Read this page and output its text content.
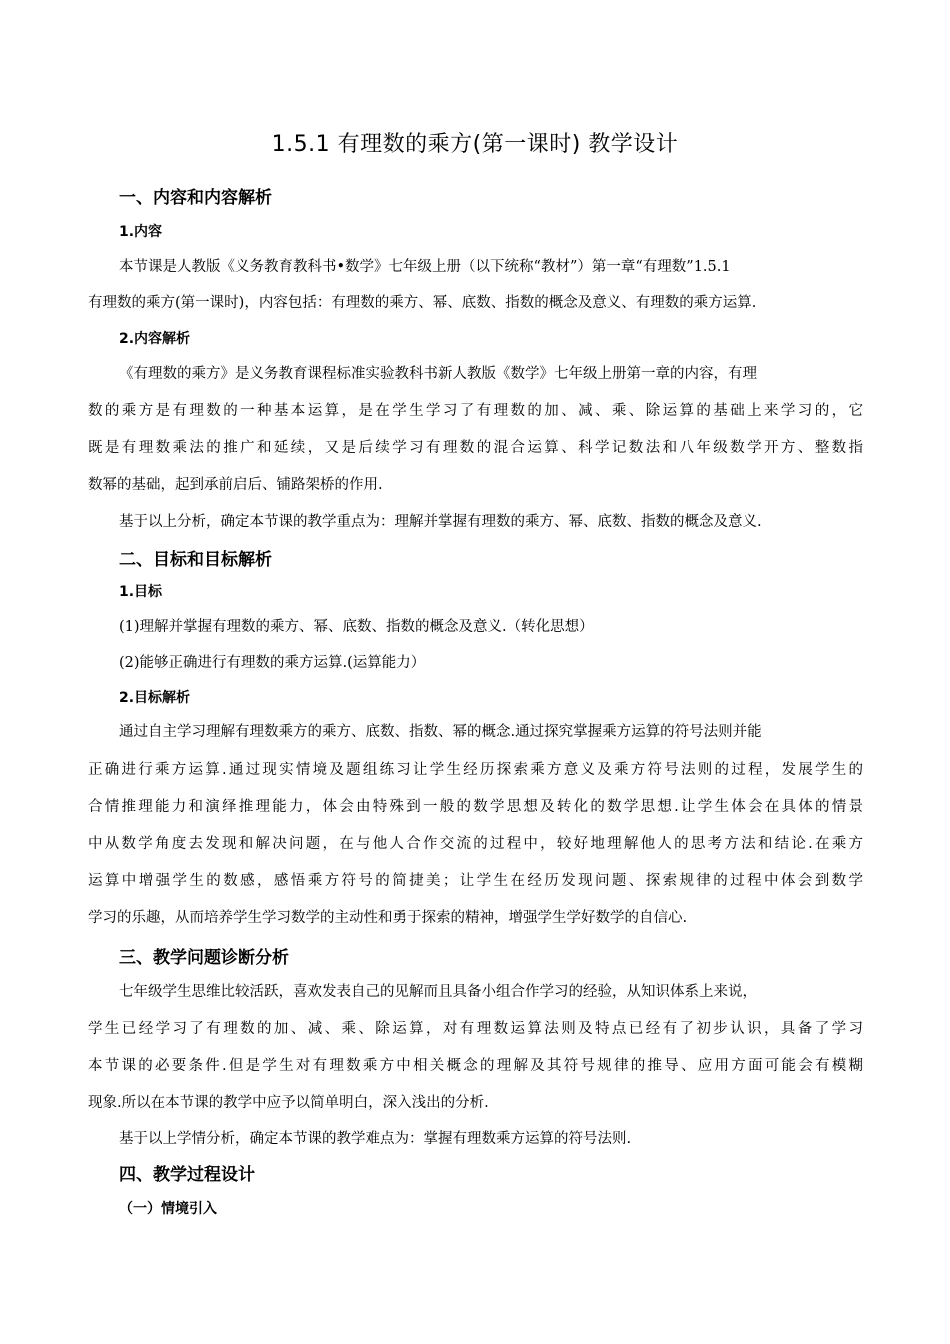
1.5.1 有理数的乘方(第一课时) 教学设计
一、内容和内容解析
1.内容
本节课是人教版《义务教育教科书•数学》七年级上册（以下统称“教材”）第一章“有理数”1.5.1
有理数的乘方(第一课时)，内容包括：有理数的乘方、幂、底数、指数的概念及意义、有理数的乘方运算.
2.内容解析
《有理数的乘方》是义务教育课程标准实验教科书新人教版《数学》七年级上册第一章的内容，有理
数的乘方是有理数的一种基本运算，是在学生学习了有理数的加、减、乘、除运算的基础上来学习的，它
既是有理数乘法的推广和延续，又是后续学习有理数的混合运算、科学记数法和八年级数学开方、整数指
数幂的基础，起到承前启后、铺路架桥的作用.
基于以上分析，确定本节课的教学重点为：理解并掌握有理数的乘方、幂、底数、指数的概念及意义.
二、目标和目标解析
1.目标
(1)理解并掌握有理数的乘方、幂、底数、指数的概念及意义.（转化思想）
(2)能够正确进行有理数的乘方运算.(运算能力）
2.目标解析
通过自主学习理解有理数乘方的乘方、底数、指数、幂的概念.通过探究掌握乘方运算的符号法则并能
正确进行乘方运算.通过现实情境及题组练习让学生经历探索乘方意义及乘方符号法则的过程，发展学生的
合情推理能力和演绎推理能力，体会由特殊到一般的数学思想及转化的数学思想.让学生体会在具体的情景
中从数学角度去发现和解决问题，在与他人合作交流的过程中，较好地理解他人的思考方法和结论.在乘方
运算中增强学生的数感，感悟乘方符号的简捷美；让学生在经历发现问题、探索规律的过程中体会到数学
学习的乐趣，从而培养学生学习数学的主动性和勇于探索的精神，增强学生学好数学的自信心.
三、教学问题诊断分析
七年级学生思维比较活跃，喜欢发表自己的见解而且具备小组合作学习的经验，从知识体系上来说，
学生已经学习了有理数的加、减、乘、除运算，对有理数运算法则及特点已经有了初步认识，具备了学习
本节课的必要条件.但是学生对有理数乘方中相关概念的理解及其符号规律的推导、应用方面可能会有模糊
现象.所以在本节课的教学中应予以简单明白，深入浅出的分析.
基于以上学情分析，确定本节课的教学难点为：掌握有理数乘方运算的符号法则.
四、教学过程设计
（一）情境引入
